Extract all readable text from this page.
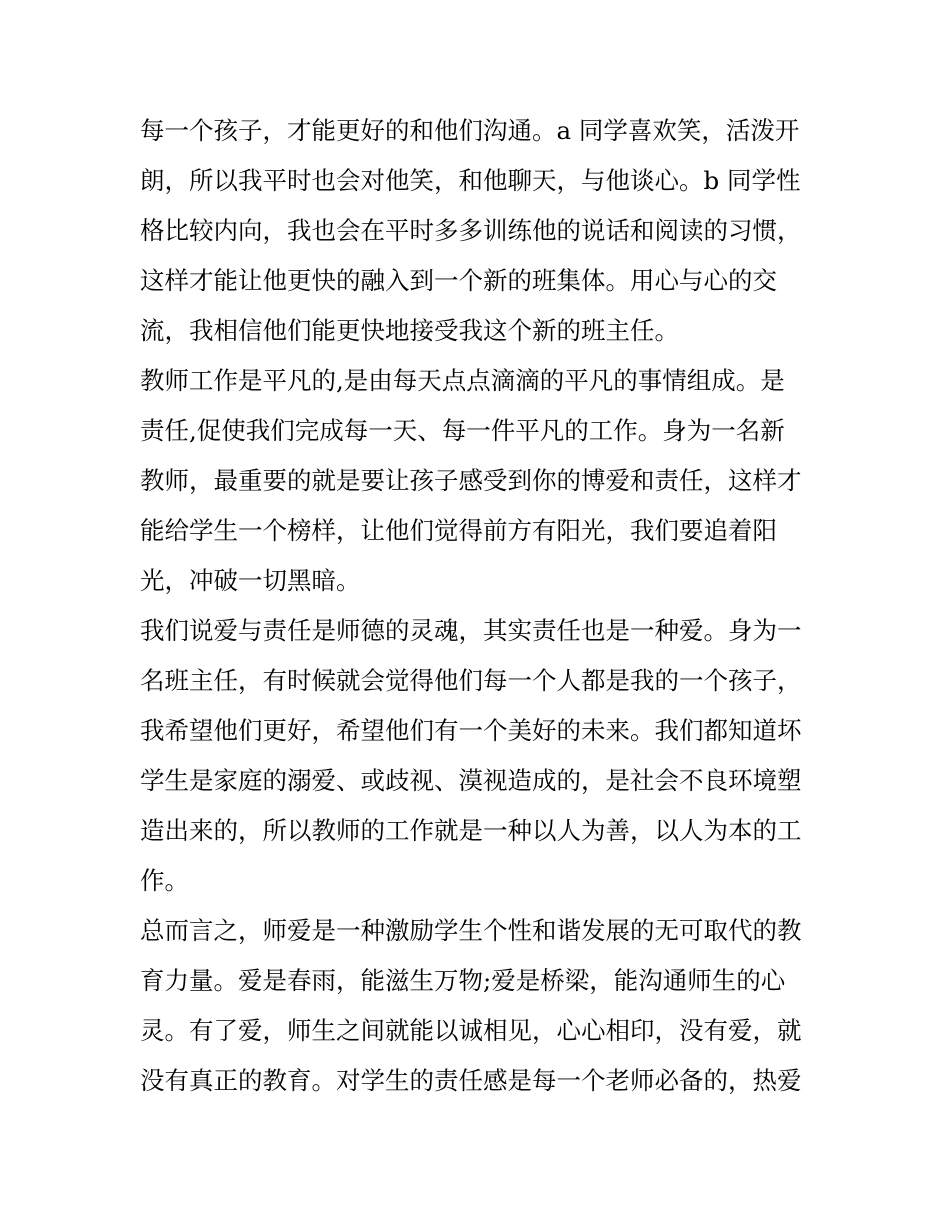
每一个孩子，才能更好的和他们沟通。a 同学喜欢笑，活泼开
朗，所以我平时也会对他笑，和他聊天，与他谈心。b 同学性
格比较内向，我也会在平时多多训练他的说话和阅读的习惯，
这样才能让他更快的融入到一个新的班集体。用心与心的交
流，我相信他们能更快地接受我这个新的班主任。
教师工作是平凡的,是由每天点点滴滴的平凡的事情组成。是
责任,促使我们完成每一天、每一件平凡的工作。身为一名新
教师，最重要的就是要让孩子感受到你的博爱和责任，这样才
能给学生一个榜样，让他们觉得前方有阳光，我们要追着阳
光，冲破一切黑暗。
我们说爱与责任是师德的灵魂，其实责任也是一种爱。身为一
名班主任，有时候就会觉得他们每一个人都是我的一个孩子，
我希望他们更好，希望他们有一个美好的未来。我们都知道坏
学生是家庭的溺爱、或歧视、漠视造成的，是社会不良环境塑
造出来的，所以教师的工作就是一种以人为善，以人为本的工
作。
总而言之，师爱是一种激励学生个性和谐发展的无可取代的教
育力量。爱是春雨，能滋生万物;爱是桥梁，能沟通师生的心
灵。有了爱，师生之间就能以诚相见，心心相印，没有爱，就
没有真正的教育。对学生的责任感是每一个老师必备的，热爱
